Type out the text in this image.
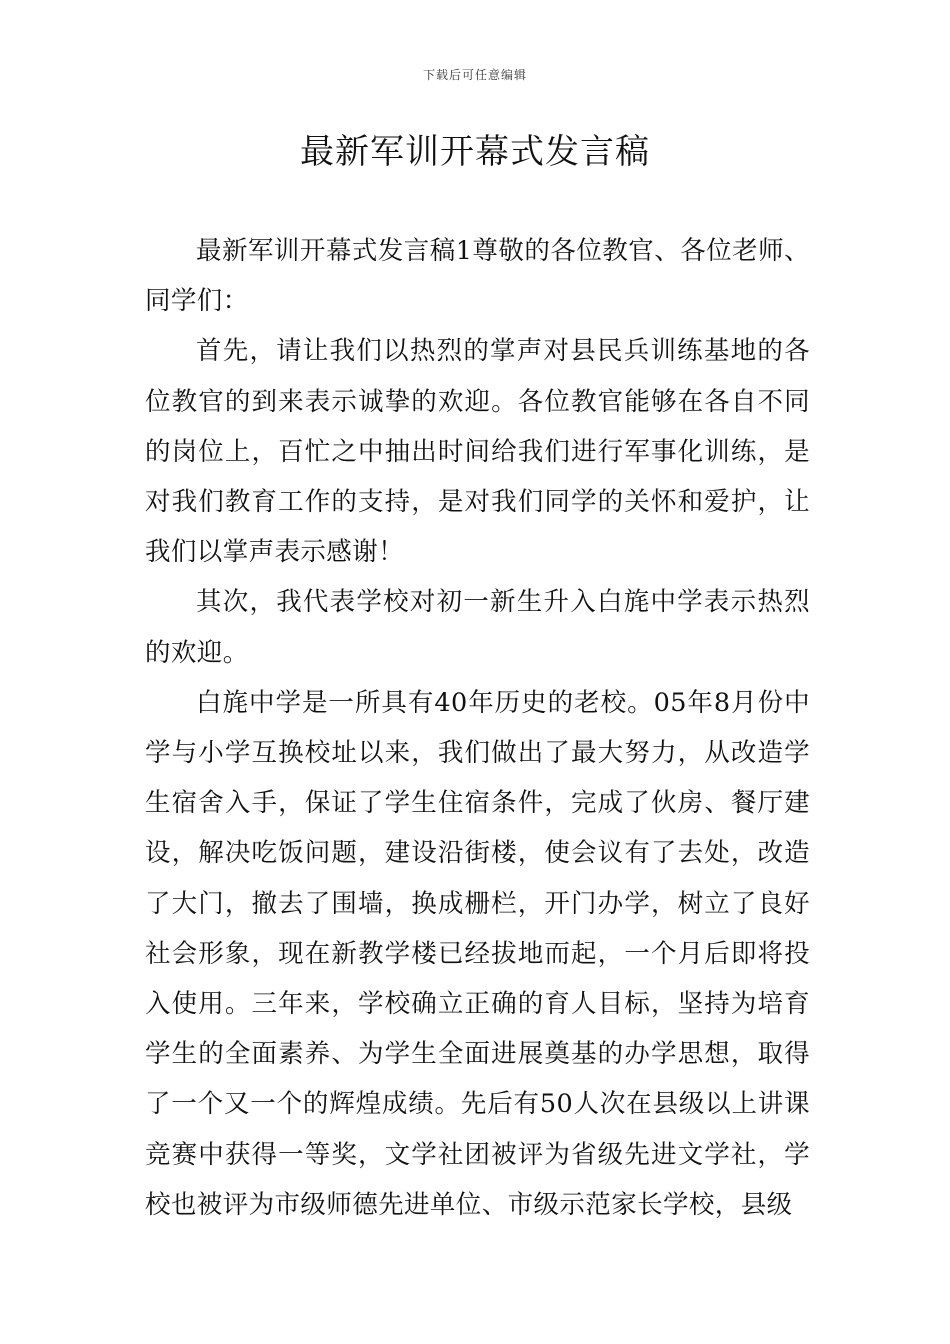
下载后可任意编辑
最新军训开幕式发言稿

最新军训开幕式发言稿1尊敬的各位教官、各位老师、同学们：

首先，请让我们以热烈的掌声对县民兵训练基地的各位教官的到来表示诚挚的欢迎。各位教官能够在各自不同的岗位上，百忙之中抽出时间给我们进行军事化训练，是对我们教育工作的支持，是对我们同学的关怀和爱护，让我们以掌声表示感谢！

其次，我代表学校对初一新生升入白旄中学表示热烈的欢迎。

白旄中学是一所具有40年历史的老校。05年8月份中学与小学互换校址以来，我们做出了最大努力，从改造学生宿舍入手，保证了学生住宿条件，完成了伙房、餐厅建设，解决吃饭问题，建设沿街楼，使会议有了去处，改造了大门，撤去了围墙，换成栅栏，开门办学，树立了良好社会形象，现在新教学楼已经拔地而起，一个月后即将投入使用。三年来，学校确立正确的育人目标，坚持为培育学生的全面素养、为学生全面进展奠基的办学思想，取得了一个又一个的辉煌成绩。先后有50人次在县级以上讲课竞赛中获得一等奖，文学社团被评为省级先进文学社，学校也被评为市级师德先进单位、市级示范家长学校，县级
